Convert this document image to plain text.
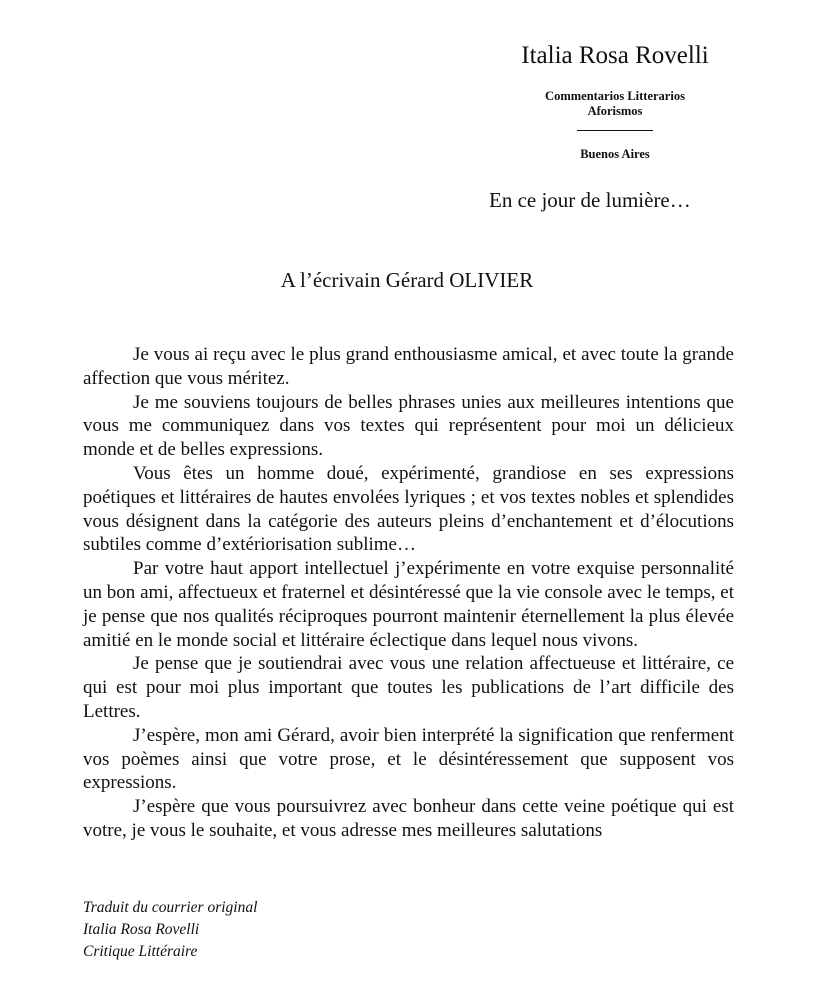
Italia Rosa Rovelli
Commentarios Litterarios
Aforismos
Buenos Aires
En ce jour de lumière…
A l’écrivain Gérard OLIVIER

Je vous ai reçu avec le plus grand enthousiasme amical, et avec toute la grande affection que vous méritez.

Je me souviens toujours de belles phrases unies aux meilleures intentions que vous me communiquez dans vos textes qui représentent pour moi un délicieux monde et de belles expressions.

Vous êtes un homme doué, expérimenté, grandiose en ses expressions poétiques et littéraires de hautes envolées lyriques ; et vos textes nobles et splendides vous désignent dans la catégorie des auteurs pleins d’enchantement et d’élocutions subtiles comme d’extériorisation sublime…

Par votre haut apport intellectuel j’expérimente en votre exquise personnalité un bon ami, affectueux et fraternel et désintéressé que la vie console avec le temps, et je pense que nos qualités réciproques pourront maintenir éternellement la plus élevée amitié en le monde social et littéraire éclectique dans lequel nous vivons.

Je pense que je soutiendrai avec vous une relation affectueuse et littéraire, ce qui est pour moi plus important que toutes les publications de l’art difficile des Lettres.

J’espère, mon ami Gérard, avoir bien interprété la signification que renferment vos poèmes ainsi que votre prose, et le désintéressement que supposent vos expressions.

J’espère que vous poursuivrez avec bonheur dans cette veine poétique qui est votre, je vous le souhaite, et vous adresse mes meilleures salutations

Traduit du courrier original
Italia Rosa Rovelli
Critique Littéraire
